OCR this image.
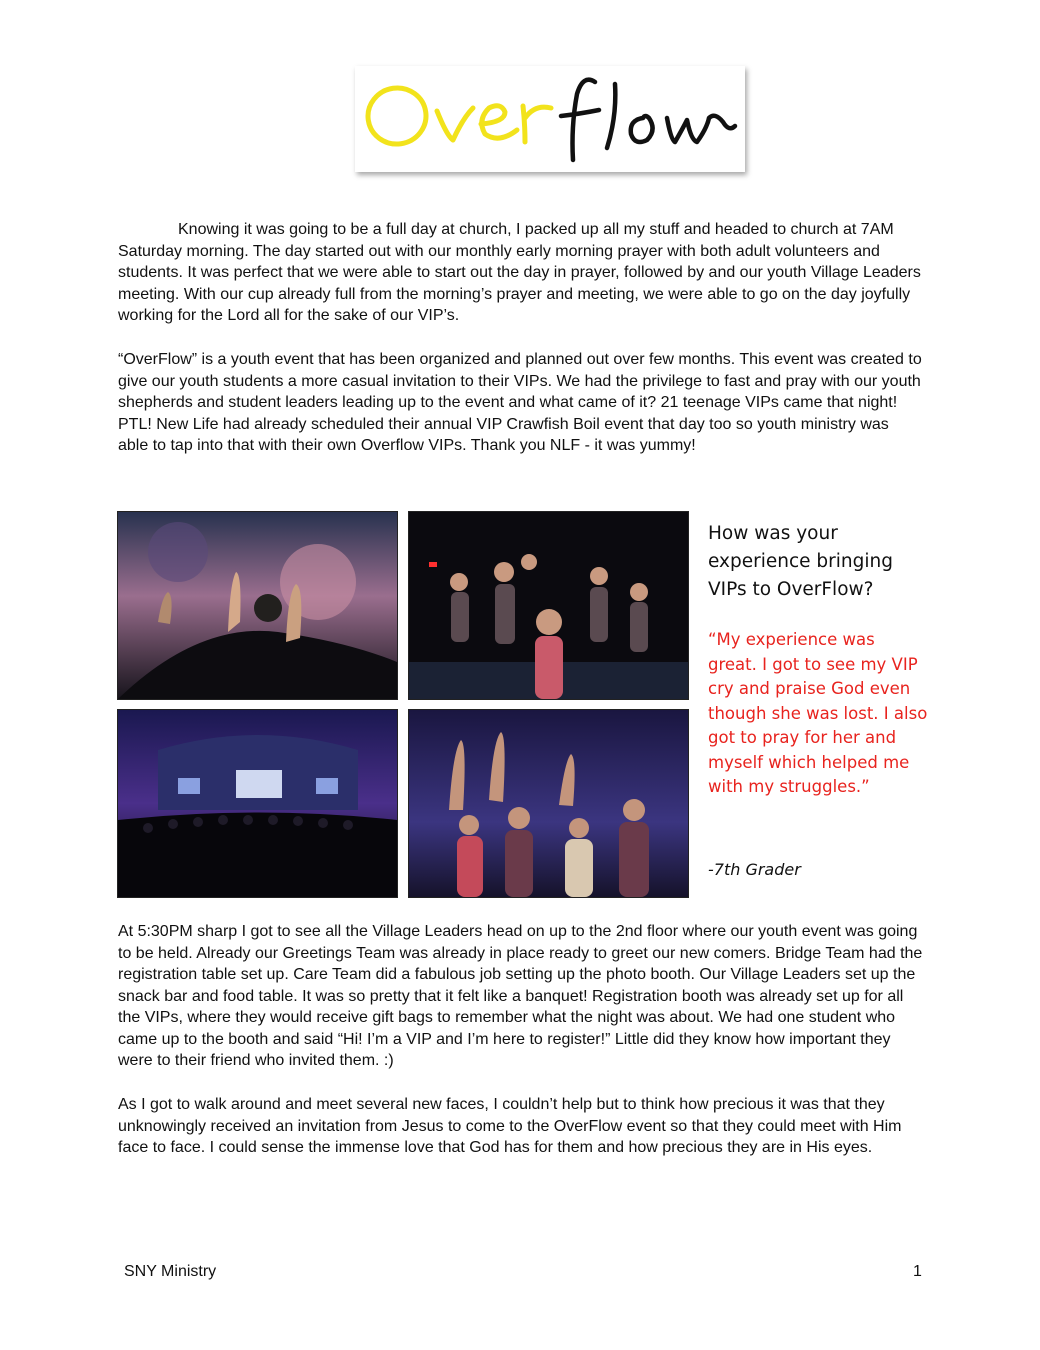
Knowing it was going to be a full day at church, I packed up all my stuff and headed to church at 7AM Saturday morning. The day started out with our monthly early morning prayer with both adult volunteers and students. It was perfect that we were able to start out the day in prayer, followed by and our youth Village Leaders meeting. With our cup already full from the morning’s prayer and meeting, we were able to go on the day joyfully working for the Lord all for the sake of our VIP’s.

“OverFlow” is a youth event that has been organized and planned out over few months. This event was created to give our youth students a more casual invitation to their VIPs. We had the privilege to fast and pray with our youth shepherds and student leaders leading up to the event and what came of it? 21 teenage VIPs came that night! PTL! New Life had already scheduled their annual VIP Crawfish Boil event that day too so youth ministry was able to tap into that with their own Overflow VIPs. Thank you NLF - it was yummy!

How was your experience bringing VIPs to OverFlow?

“My experience was great. I got to see my VIP cry and praise God even though she was lost. I also got to pray for her and myself which helped me with my struggles.”

-7th Grader

At 5:30PM sharp I got to see all the Village Leaders head on up to the 2nd floor where our youth event was going to be held. Already our Greetings Team was already in place ready to greet our new comers. Bridge Team had the registration table set up. Care Team did a fabulous job setting up the photo booth. Our Village Leaders set up the snack bar and food table. It was so pretty that it felt like a banquet! Registration booth was already set up for all the VIPs, where they would receive gift bags to remember what the night was about. We had one student who came up to the booth and said “Hi! I’m a VIP and I’m here to register!” Little did they know how important they were to their friend who invited them. :)

As I got to walk around and meet several new faces, I couldn’t help but to think how precious it was that they unknowingly received an invitation from Jesus to come to the OverFlow event so that they could meet with Him face to face. I could sense the immense love that God has for them and how precious they are in His eyes.

SNY Ministry	1
